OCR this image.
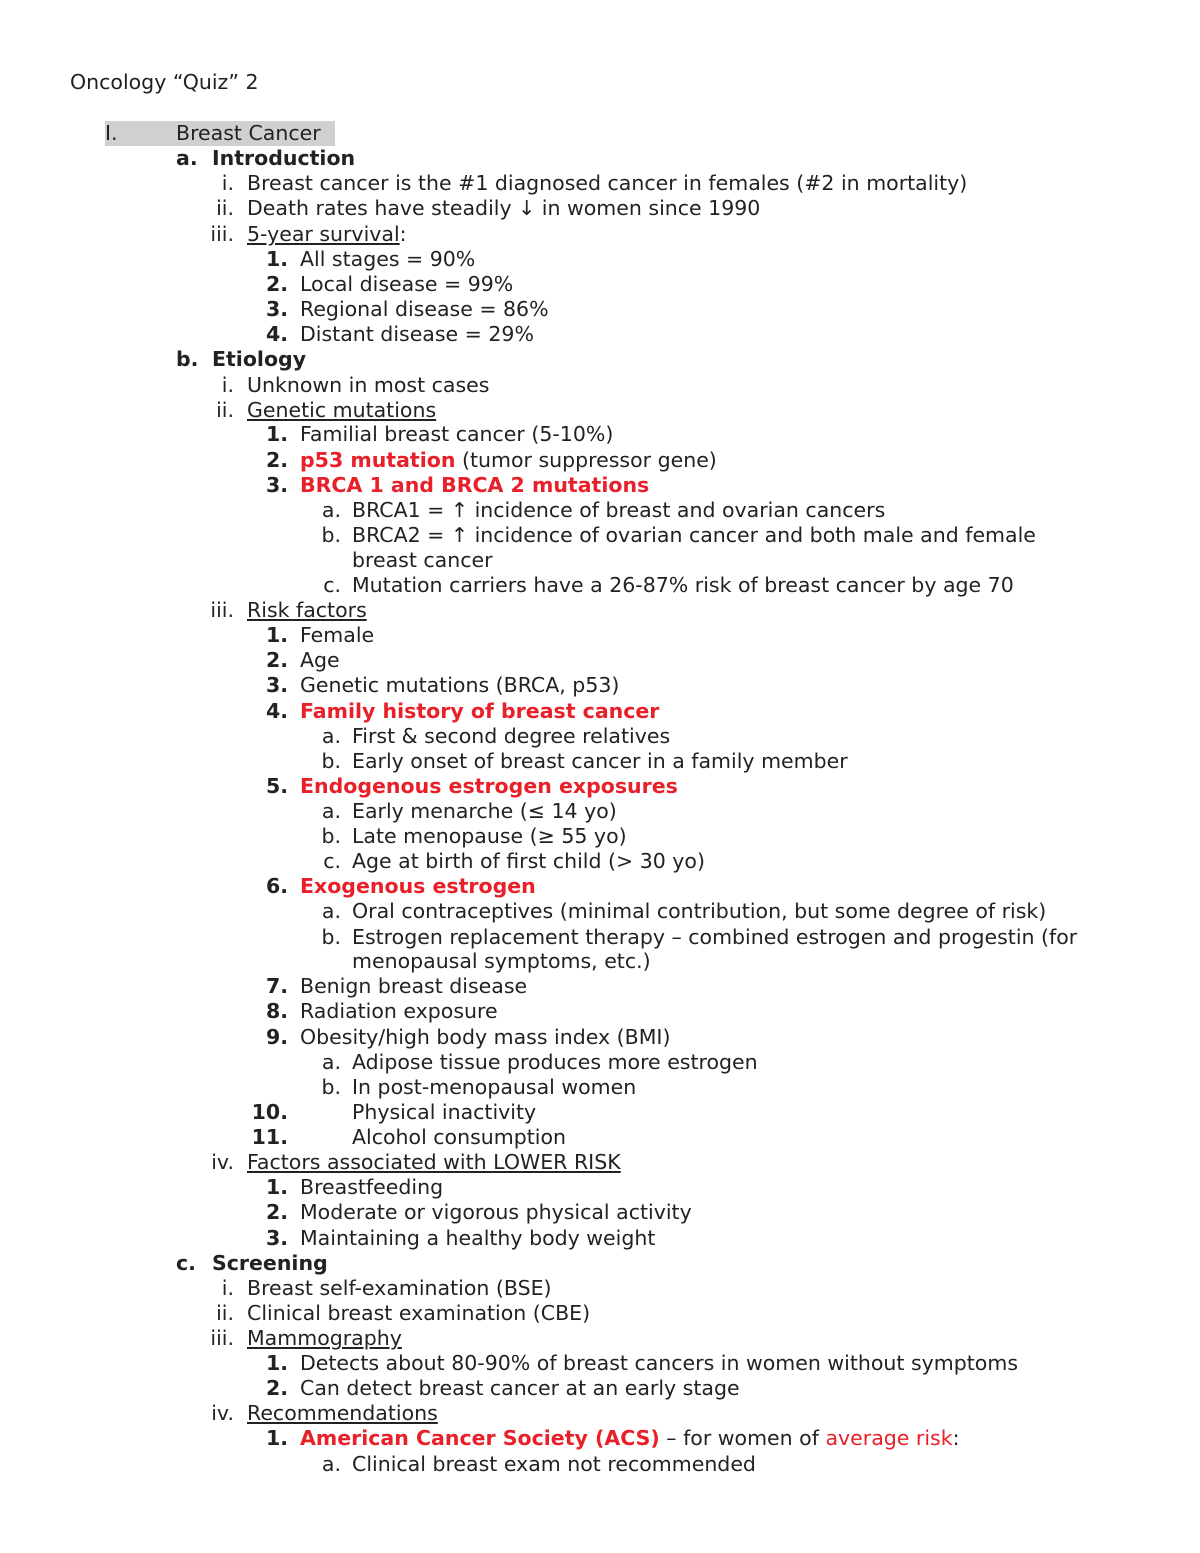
Oncology “Quiz” 2
I.	Breast Cancer
a. Introduction
i. Breast cancer is the #1 diagnosed cancer in females (#2 in mortality)
ii. Death rates have steadily ↓ in women since 1990
iii. 5-year survival:
1. All stages = 90%
2. Local disease = 99%
3. Regional disease = 86%
4. Distant disease = 29%
b. Etiology
i. Unknown in most cases
ii. Genetic mutations
1. Familial breast cancer (5-10%)
2. p53 mutation (tumor suppressor gene)
3. BRCA 1 and BRCA 2 mutations
a. BRCA1 = ↑ incidence of breast and ovarian cancers
b. BRCA2 = ↑ incidence of ovarian cancer and both male and female
breast cancer
c. Mutation carriers have a 26-87% risk of breast cancer by age 70
iii. Risk factors
1. Female
2. Age
3. Genetic mutations (BRCA, p53)
4. Family history of breast cancer
a. First & second degree relatives
b. Early onset of breast cancer in a family member
5. Endogenous estrogen exposures
a. Early menarche (≤ 14 yo)
b. Late menopause (≥ 55 yo)
c. Age at birth of first child (> 30 yo)
6. Exogenous estrogen
a. Oral contraceptives (minimal contribution, but some degree of risk)
b. Estrogen replacement therapy – combined estrogen and progestin (for
menopausal symptoms, etc.)
7. Benign breast disease
8. Radiation exposure
9. Obesity/high body mass index (BMI)
a. Adipose tissue produces more estrogen
b. In post-menopausal women
10.	Physical inactivity
11.	Alcohol consumption
iv. Factors associated with LOWER RISK
1. Breastfeeding
2. Moderate or vigorous physical activity
3. Maintaining a healthy body weight
c. Screening
i. Breast self-examination (BSE)
ii. Clinical breast examination (CBE)
iii. Mammography
1. Detects about 80-90% of breast cancers in women without symptoms
2. Can detect breast cancer at an early stage
iv. Recommendations
1. American Cancer Society (ACS) – for women of average risk:
a. Clinical breast exam not recommended
